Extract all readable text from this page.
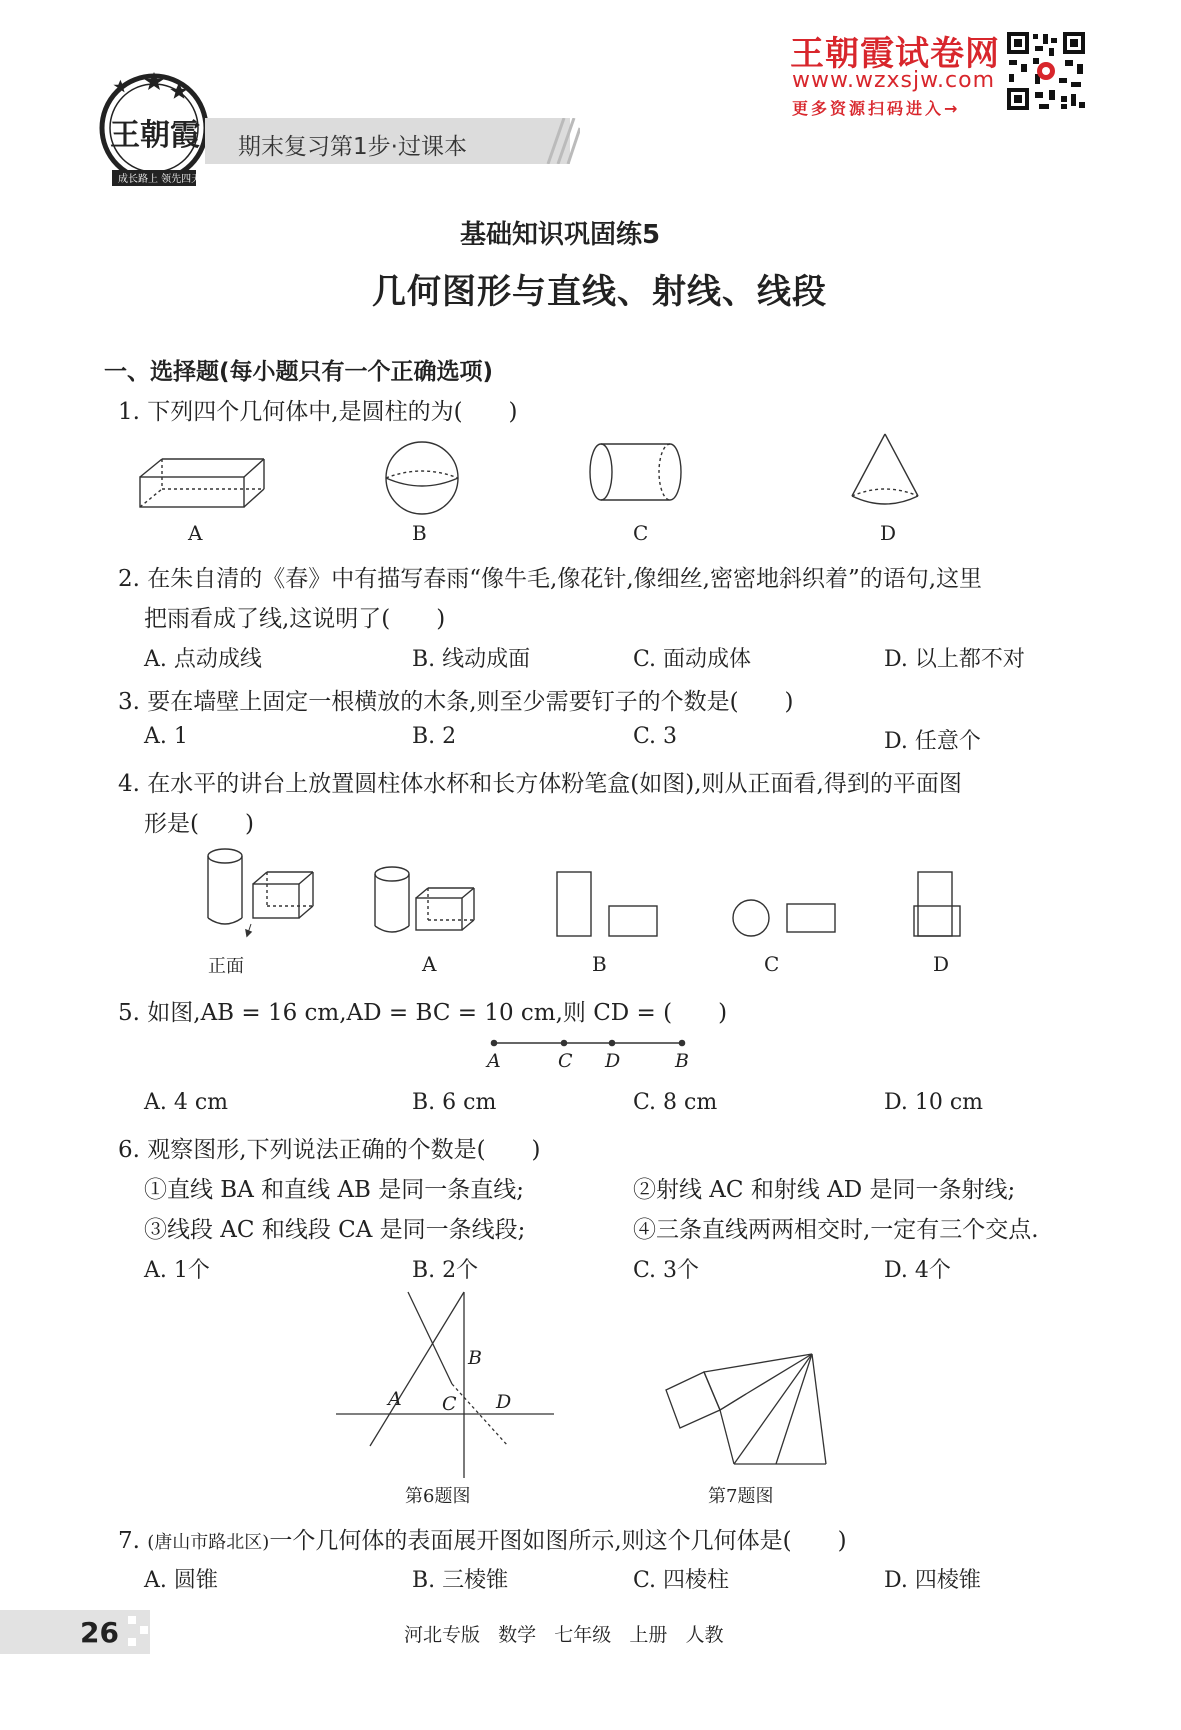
王朝霞
成长路上 领先四天
期末复习第1步·过课本
王朝霞试卷网
www.wzxsjw.com
更多资源扫码进入→
基础知识巩固练5
几何图形与直线、射线、线段
一、选择题(每小题只有一个正确选项)
1. 下列四个几何体中,是圆柱的为(　　)
A	B	C	D
2. 在朱自清的《春》中有描写春雨“像牛毛,像花针,像细丝,密密地斜织着”的语句,这里
把雨看成了线,这说明了(　　)
A. 点动成线	B. 线动成面	C. 面动成体	D. 以上都不对
3. 要在墙壁上固定一根横放的木条,则至少需要钉子的个数是(　　)
A. 1	B. 2	C. 3	D. 任意个
4. 在水平的讲台上放置圆柱体水杯和长方体粉笔盒(如图),则从正面看,得到的平面图
形是(　　)
正面	A	B	C	D
5. 如图,AB = 16 cm,AD = BC = 10 cm,则 CD = (　　)
A	C D	B
A. 4 cm	B. 6 cm	C. 8 cm	D. 10 cm
6. 观察图形,下列说法正确的个数是(　　)
①直线 BA 和直线 AB 是同一条直线;	②射线 AC 和射线 AD 是同一条射线;
③线段 AC 和线段 CA 是同一条线段;	④三条直线两两相交时,一定有三个交点.
A. 1个	B. 2个	C. 3个	D. 4个
B
A C D
第6题图	第7题图
7. (唐山市路北区)一个几何体的表面展开图如图所示,则这个几何体是(　　)
A. 圆锥	B. 三棱锥	C. 四棱柱	D. 四棱锥
26	河北专版   数学   七年级   上册   人教
